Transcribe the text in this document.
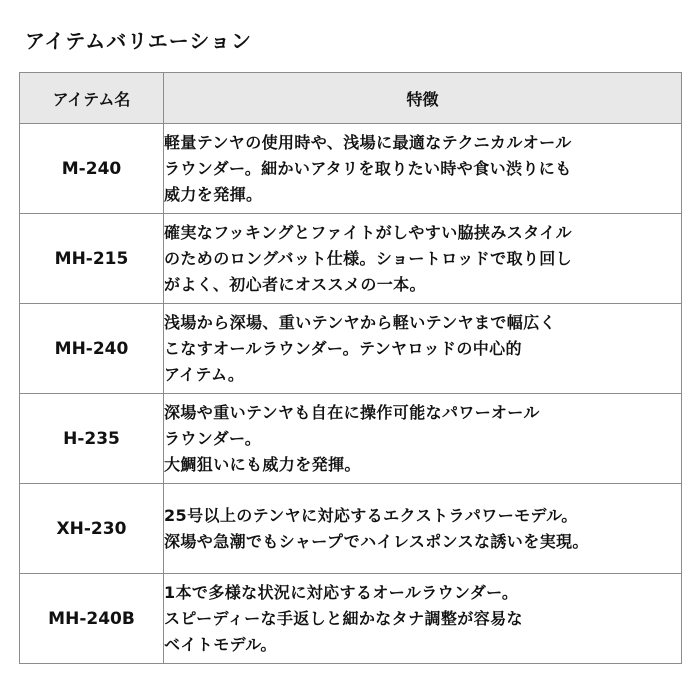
アイテムバリエーション
アイテム名	特徴
M-240	軽量テンヤの使用時や、浅場に最適なテクニカルオール
ラウンダー。細かいアタリを取りたい時や食い渋りにも
威力を発揮。

MH-215	確実なフッキングとファイトがしやすい脇挟みスタイル
のためのロングバット仕様。ショートロッドで取り回し
がよく、初心者にオススメの一本。

MH-240	浅場から深場、重いテンヤから軽いテンヤまで幅広く
こなすオールラウンダー。テンヤロッドの中心的
アイテム。

H-235	深場や重いテンヤも自在に操作可能なパワーオール
ラウンダー。
大鯛狙いにも威力を発揮。

XH-230	25号以上のテンヤに対応するエクストラパワーモデル。
深場や急潮でもシャープでハイレスポンスな誘いを実現。

MH-240B	1本で多様な状況に対応するオールラウンダー。
スピーディーな手返しと細かなタナ調整が容易な
ベイトモデル。
